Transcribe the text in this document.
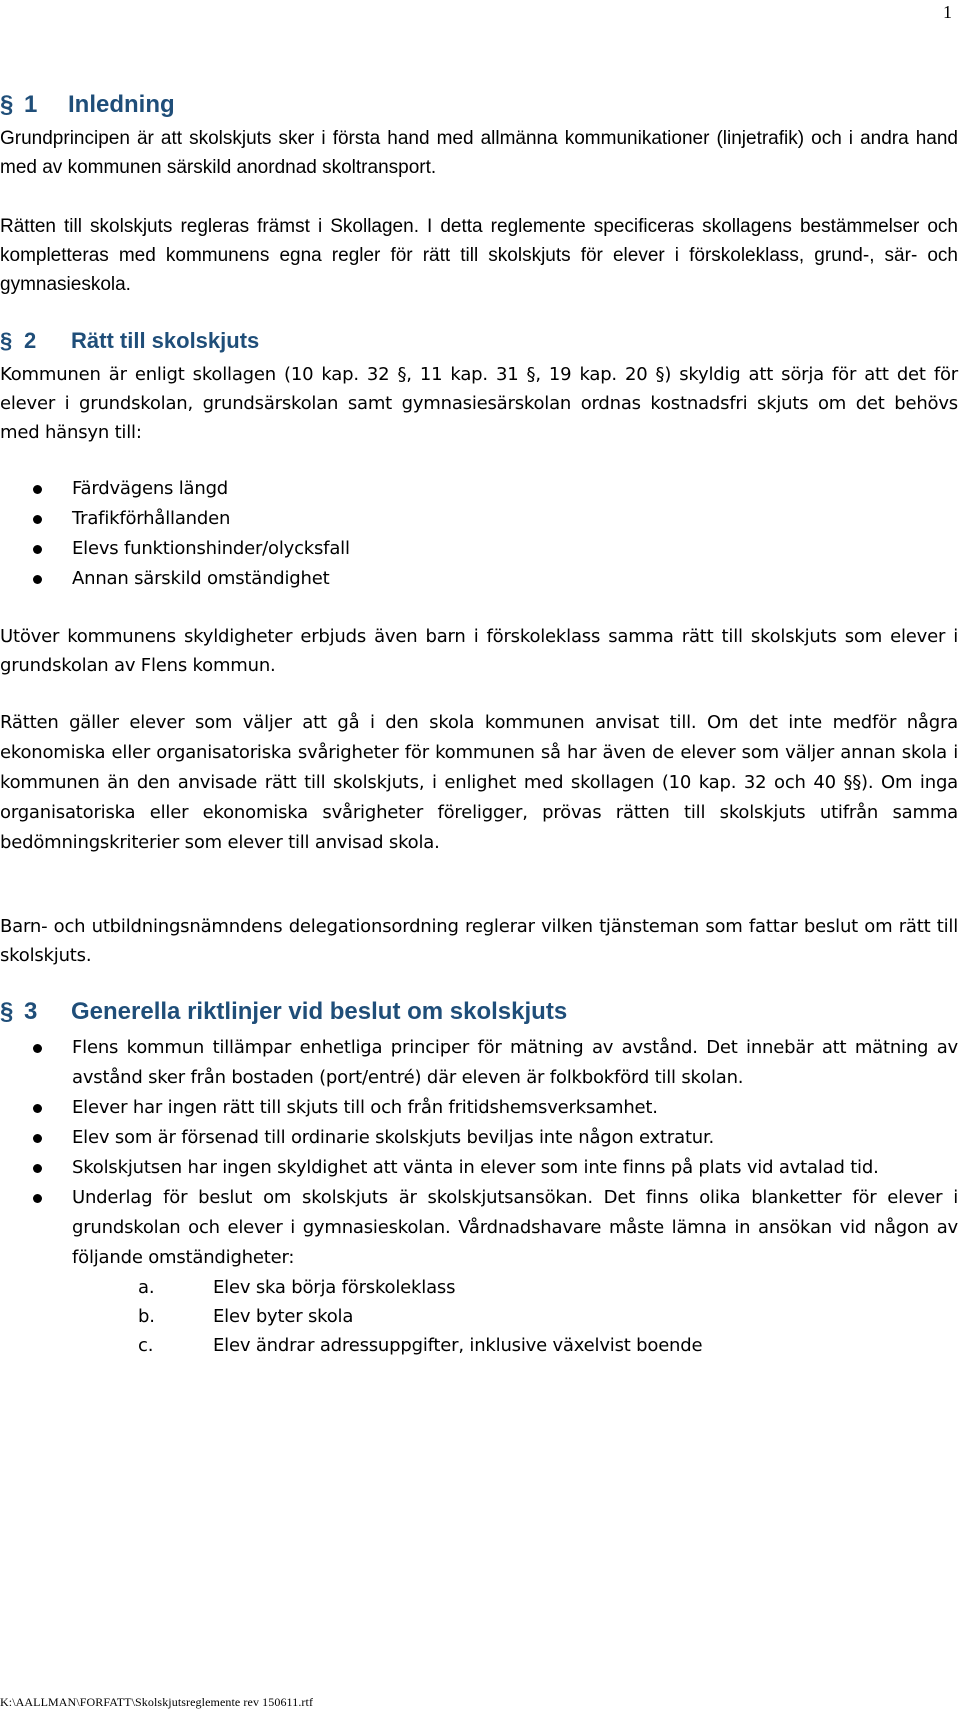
1
§ 1 Inledning
Grundprincipen är att skolskjuts sker i första hand med allmänna kommunikationer (linjetrafik) och i andra hand med av kommunen särskild anordnad skoltransport.
Rätten till skolskjuts regleras främst i Skollagen. I detta reglemente specificeras skollagens bestämmelser och kompletteras med kommunens egna regler för rätt till skolskjuts för elever i förskoleklass, grund-, sär- och gymnasieskola.
§ 2 Rätt till skolskjuts
Kommunen är enligt skollagen (10 kap. 32 §, 11 kap. 31 §, 19 kap. 20 §) skyldig att sörja för att det för elever i grundskolan, grundsärskolan samt gymnasiesärskolan ordnas kostnadsfri skjuts om det behövs med hänsyn till:
Färdvägens längd
Trafikförhållanden
Elevs funktionshinder/olycksfall
Annan särskild omständighet
Utöver kommunens skyldigheter erbjuds även barn i förskoleklass samma rätt till skolskjuts som elever i grundskolan av Flens kommun.
Rätten gäller elever som väljer att gå i den skola kommunen anvisat till. Om det inte medför några ekonomiska eller organisatoriska svårigheter för kommunen så har även de elever som väljer annan skola i kommunen än den anvisade rätt till skolskjuts, i enlighet med skollagen (10 kap. 32 och 40 §§). Om inga organisatoriska eller ekonomiska svårigheter föreligger, prövas rätten till skolskjuts utifrån samma bedömningskriterier som elever till anvisad skola.
Barn- och utbildningsnämndens delegationsordning reglerar vilken tjänsteman som fattar beslut om rätt till skolskjuts.
§ 3 Generella riktlinjer vid beslut om skolskjuts
Flens kommun tillämpar enhetliga principer för mätning av avstånd. Det innebär att mätning av avstånd sker från bostaden (port/entré) där eleven är folkbokförd till skolan.
Elever har ingen rätt till skjuts till och från fritidshemsverksamhet.
Elev som är försenad till ordinarie skolskjuts beviljas inte någon extratur.
Skolskjutsen har ingen skyldighet att vänta in elever som inte finns på plats vid avtalad tid.
Underlag för beslut om skolskjuts är skolskjutsansökan. Det finns olika blanketter för elever i grundskolan och elever i gymnasieskolan. Vårdnadshavare måste lämna in ansökan vid någon av följande omständigheter:
a.	Elev ska börja förskoleklass
b.	Elev byter skola
c.	Elev ändrar adressuppgifter, inklusive växelvist boende
K:\AALLMAN\FORFATT\Skolskjutsreglemente rev 150611.rtf
